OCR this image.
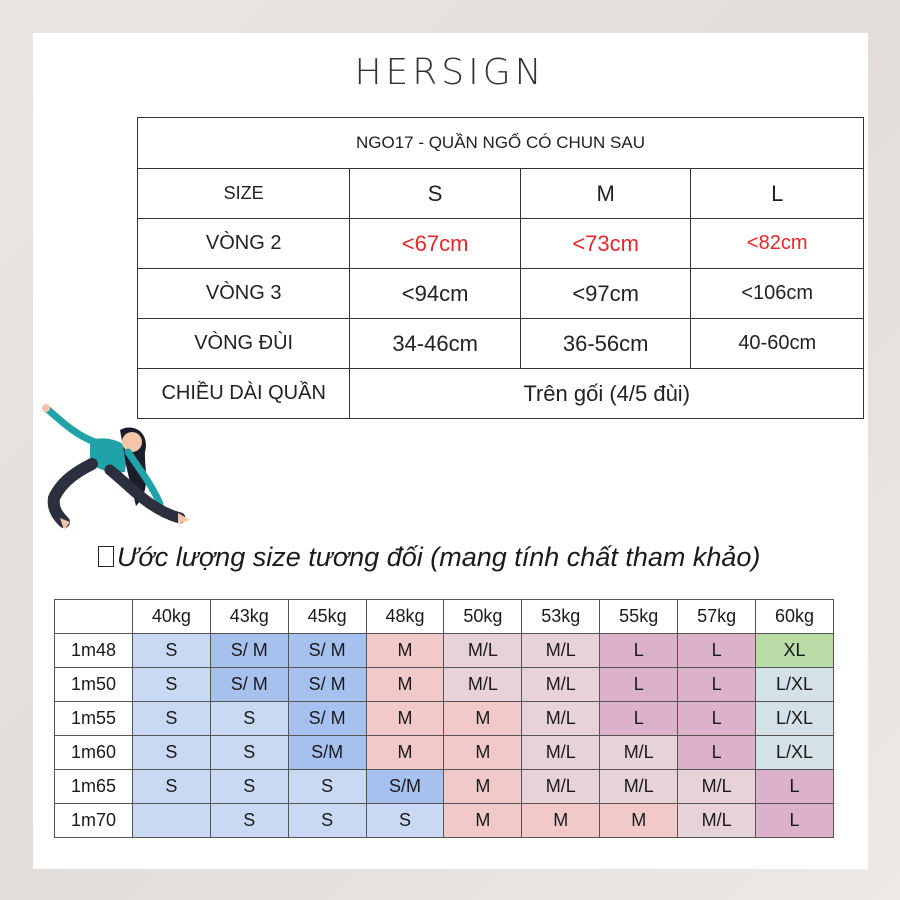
HERSIGN
NGO17 - QUẦN NGỐ CÓ CHUN SAU			
SIZE	S	M	L
VÒNG 2	<67cm	<73cm	<82cm
VÒNG 3	<94cm	<97cm	<106cm
VÒNG ĐÙI	34-46cm	36-56cm	40-60cm
CHIỀU DÀI QUẦN	Trên gối (4/5 đùi)		
Ước lượng size tương đối (mang tính chất tham khảo)
	40kg	43kg	45kg	48kg	50kg	53kg	55kg	57kg	60kg
1m48	S	S/ M	S/ M	M	M/L	M/L	L	L	XL
1m50	S	S/ M	S/ M	M	M/L	M/L	L	L	L/XL
1m55	S	S	S/ M	M	M	M/L	L	L	L/XL
1m60	S	S	S/M	M	M	M/L	M/L	L	L/XL
1m65	S	S	S	S/M	M	M/L	M/L	M/L	L
1m70		S	S	S	M	M	M	M/L	L
